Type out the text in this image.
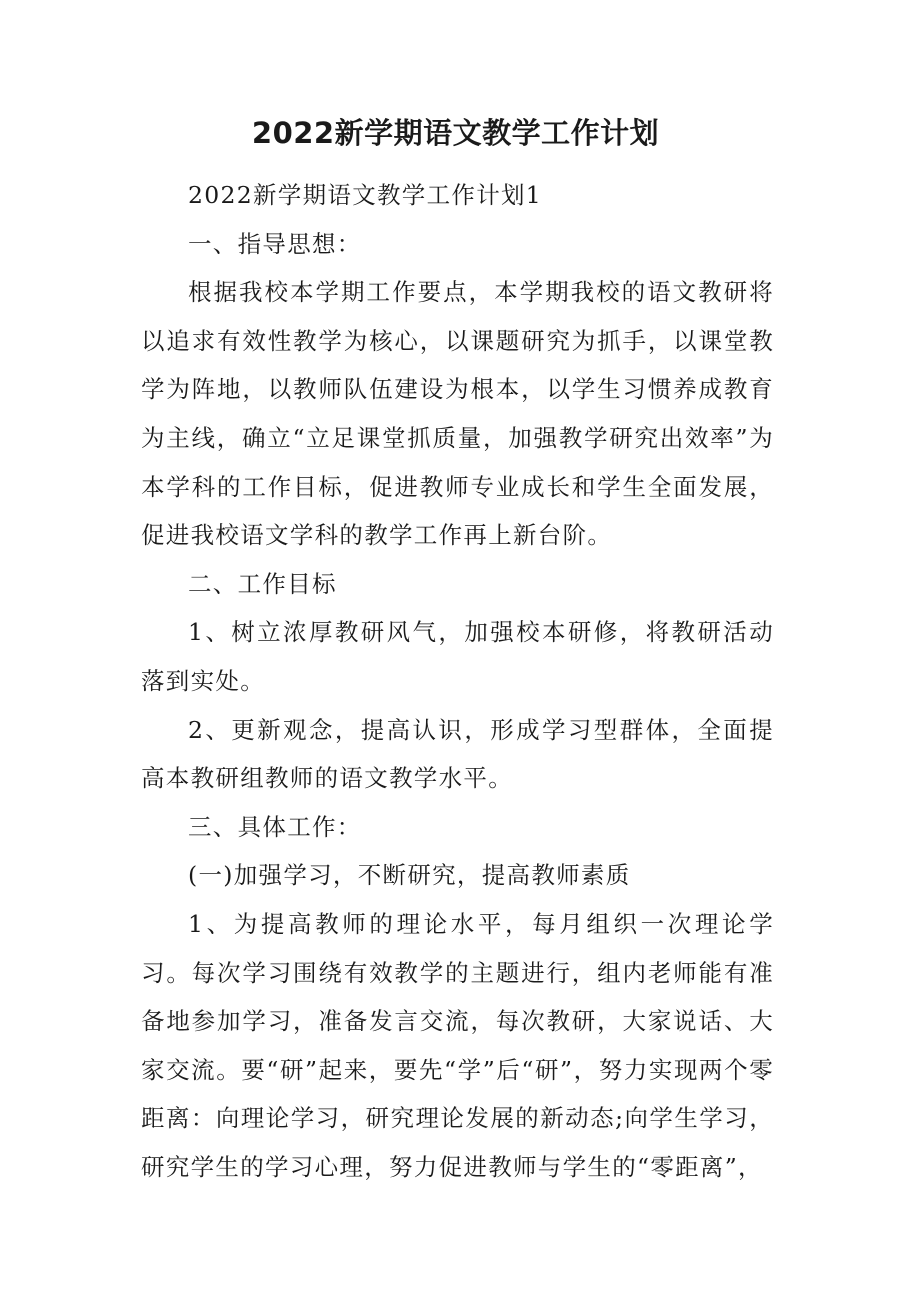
2022新学期语文教学工作计划

2022新学期语文教学工作计划1

一、指导思想：

根据我校本学期工作要点，本学期我校的语文教研将以追求有效性教学为核心，以课题研究为抓手，以课堂教学为阵地，以教师队伍建设为根本，以学生习惯养成教育为主线，确立“立足课堂抓质量，加强教学研究出效率”为本学科的工作目标，促进教师专业成长和学生全面发展，促进我校语文学科的教学工作再上新台阶。

二、工作目标

1、树立浓厚教研风气，加强校本研修，将教研活动落到实处。

2、更新观念，提高认识，形成学习型群体，全面提高本教研组教师的语文教学水平。

三、具体工作：

(一)加强学习，不断研究，提高教师素质

1、为提高教师的理论水平，每月组织一次理论学习。每次学习围绕有效教学的主题进行，组内老师能有准备地参加学习，准备发言交流，每次教研，大家说话、大家交流。要“研”起来，要先“学”后“研”，努力实现两个零距离：向理论学习，研究理论发展的新动态;向学生学习，研究学生的学习心理，努力促进教师与学生的“零距离”，
